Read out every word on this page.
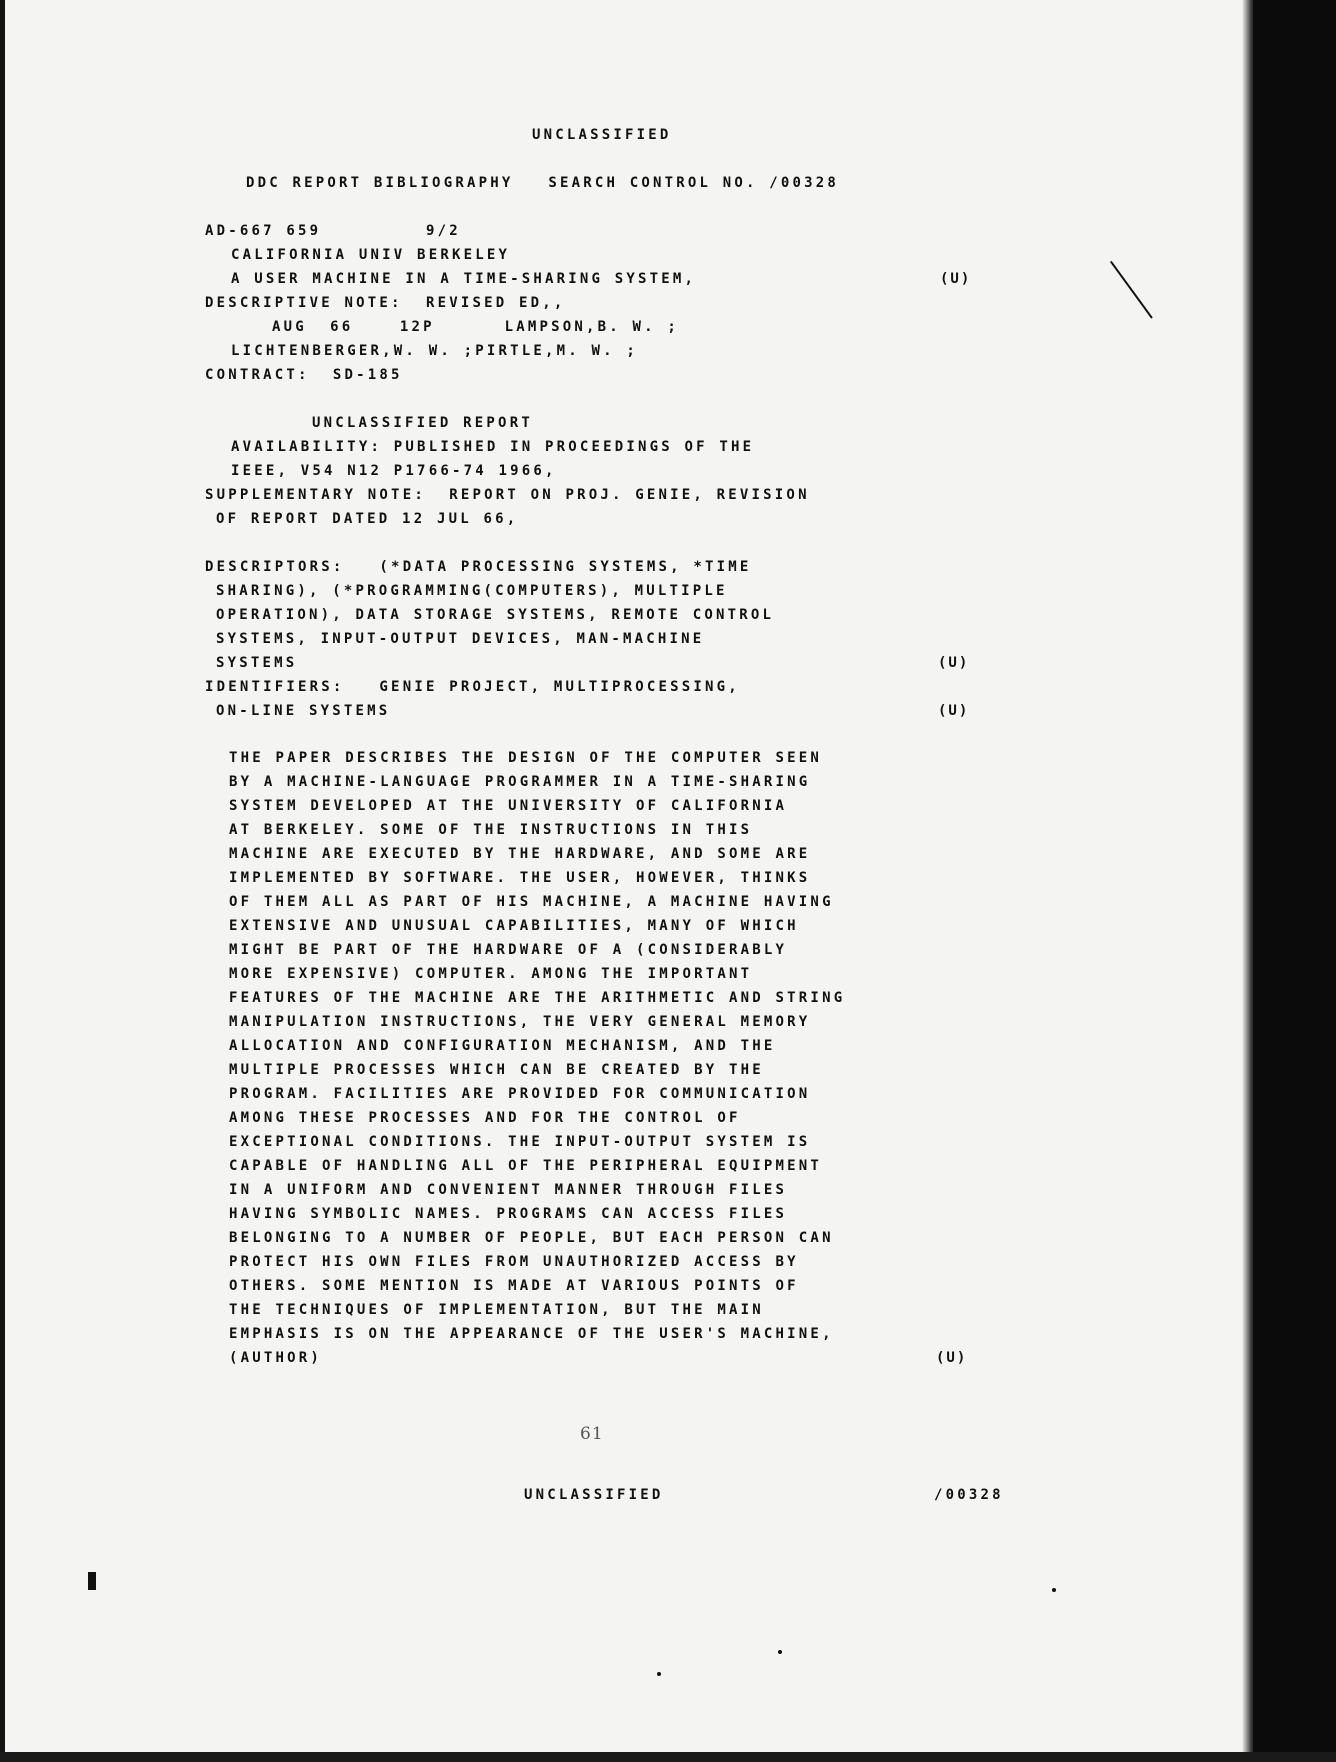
UNCLASSIFIED
DDC REPORT BIBLIOGRAPHY   SEARCH CONTROL NO. /00328
AD-667 659         9/2
CALIFORNIA UNIV BERKELEY
A USER MACHINE IN A TIME-SHARING SYSTEM,	(U)
DESCRIPTIVE NOTE:  REVISED ED,,
AUG  66    12P      LAMPSON,B. W. ;
LICHTENBERGER,W. W. ;PIRTLE,M. W. ;
CONTRACT:  SD-185
UNCLASSIFIED REPORT
AVAILABILITY: PUBLISHED IN PROCEEDINGS OF THE
IEEE, V54 N12 P1766-74 1966,
SUPPLEMENTARY NOTE:  REPORT ON PROJ. GENIE, REVISION
OF REPORT DATED 12 JUL 66,
DESCRIPTORS:   (*DATA PROCESSING SYSTEMS, *TIME
SHARING), (*PROGRAMMING(COMPUTERS), MULTIPLE
OPERATION), DATA STORAGE SYSTEMS, REMOTE CONTROL
SYSTEMS, INPUT-OUTPUT DEVICES, MAN-MACHINE
SYSTEMS	(U)
IDENTIFIERS:   GENIE PROJECT, MULTIPROCESSING,
ON-LINE SYSTEMS	(U)
THE PAPER DESCRIBES THE DESIGN OF THE COMPUTER SEEN
BY A MACHINE-LANGUAGE PROGRAMMER IN A TIME-SHARING
SYSTEM DEVELOPED AT THE UNIVERSITY OF CALIFORNIA
AT BERKELEY. SOME OF THE INSTRUCTIONS IN THIS
MACHINE ARE EXECUTED BY THE HARDWARE, AND SOME ARE
IMPLEMENTED BY SOFTWARE. THE USER, HOWEVER, THINKS
OF THEM ALL AS PART OF HIS MACHINE, A MACHINE HAVING
EXTENSIVE AND UNUSUAL CAPABILITIES, MANY OF WHICH
MIGHT BE PART OF THE HARDWARE OF A (CONSIDERABLY
MORE EXPENSIVE) COMPUTER. AMONG THE IMPORTANT
FEATURES OF THE MACHINE ARE THE ARITHMETIC AND STRING
MANIPULATION INSTRUCTIONS, THE VERY GENERAL MEMORY
ALLOCATION AND CONFIGURATION MECHANISM, AND THE
MULTIPLE PROCESSES WHICH CAN BE CREATED BY THE
PROGRAM. FACILITIES ARE PROVIDED FOR COMMUNICATION
AMONG THESE PROCESSES AND FOR THE CONTROL OF
EXCEPTIONAL CONDITIONS. THE INPUT-OUTPUT SYSTEM IS
CAPABLE OF HANDLING ALL OF THE PERIPHERAL EQUIPMENT
IN A UNIFORM AND CONVENIENT MANNER THROUGH FILES
HAVING SYMBOLIC NAMES. PROGRAMS CAN ACCESS FILES
BELONGING TO A NUMBER OF PEOPLE, BUT EACH PERSON CAN
PROTECT HIS OWN FILES FROM UNAUTHORIZED ACCESS BY
OTHERS. SOME MENTION IS MADE AT VARIOUS POINTS OF
THE TECHNIQUES OF IMPLEMENTATION, BUT THE MAIN
EMPHASIS IS ON THE APPEARANCE OF THE USER'S MACHINE,
(AUTHOR)	(U)
61
UNCLASSIFIED	/00328
